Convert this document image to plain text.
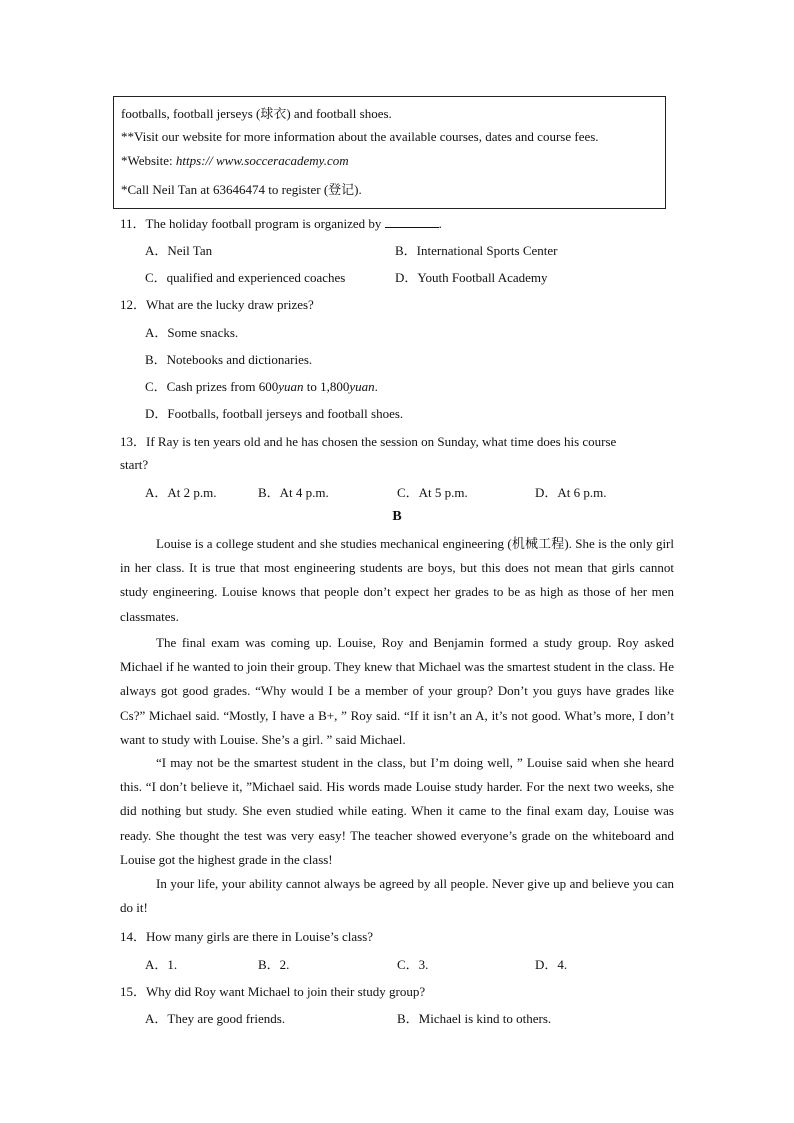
footballs, football jerseys (球衣) and football shoes.
**Visit our website for more information about the available courses, dates and course fees.
*Website: https:// www.socceracademy.com
*Call Neil Tan at 63646474 to register (登记).
11．The holiday football program is organized by	.
A．Neil Tan	B．International Sports Center
C．qualified and experienced coaches	D．Youth Football Academy
12．What are the lucky draw prizes?
A．Some snacks.
B．Notebooks and dictionaries.
C．Cash prizes from 600yuan to 1,800yuan.
D．Footballs, football jerseys and football shoes.
13．If Ray is ten years old and he has chosen the session on Sunday, what time does his course
start?
A．At 2 p.m.	B．At 4 p.m.	C．At 5 p.m.	D．At 6 p.m.
B
Louise is a college student and she studies mechanical engineering (机械工程). She is the only girl in her class. It is true that most engineering students are boys, but this does not mean that girls cannot study engineering. Louise knows that people don’t expect her grades to be as high as those of her men classmates.
The final exam was coming up. Louise, Roy and Benjamin formed a study group. Roy asked Michael if he wanted to join their group. They knew that Michael was the smartest student in the class. He always got good grades. “Why would I be a member of your group? Don’t you guys have grades like Cs?” Michael said. “Mostly, I have a B+, ” Roy said. “If it isn’t an A, it’s not good. What’s more, I don’t want to study with Louise. She’s a girl. ” said Michael.
“I may not be the smartest student in the class, but I’m doing well, ” Louise said when she heard this. “I don’t believe it, ”Michael said. His words made Louise study harder. For the next two weeks, she did nothing but study. She even studied while eating. When it came to the final exam day, Louise was ready. She thought the test was very easy! The teacher showed everyone’s grade on the whiteboard and Louise got the highest grade in the class!
In your life, your ability cannot always be agreed by all people. Never give up and believe you can do it!
14．How many girls are there in Louise’s class?
A．1.	B．2.	C．3.	D．4.
15．Why did Roy want Michael to join their study group?
A．They are good friends.	B．Michael is kind to others.
